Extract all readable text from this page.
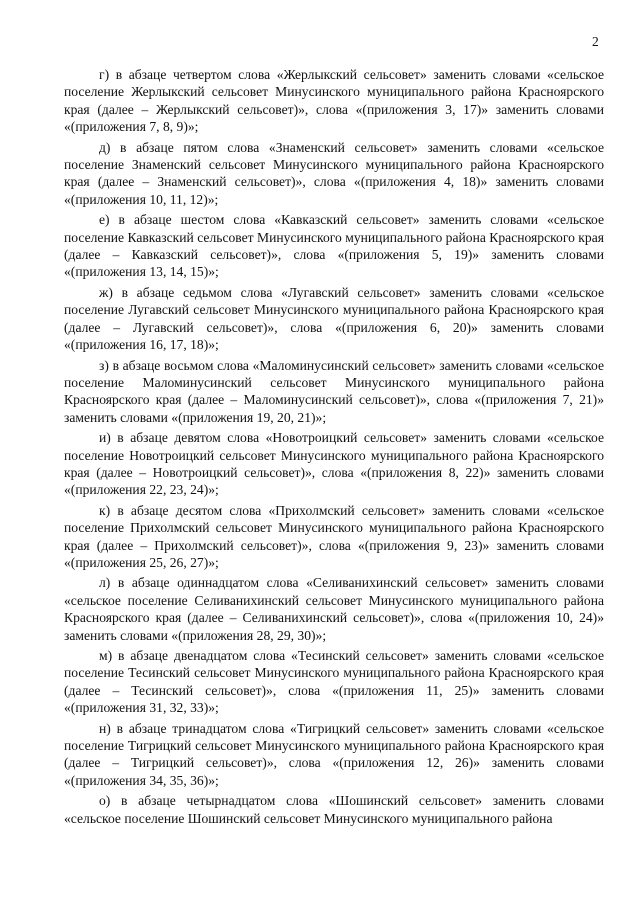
2

г) в абзаце четвертом слова «Жерлыкский сельсовет» заменить словами «сельское поселение Жерлыкский сельсовет Минусинского муниципального района Красноярского края (далее – Жерлыкский сельсовет)», слова «(приложения 3, 17)» заменить словами «(приложения 7, 8, 9)»;

д) в абзаце пятом слова «Знаменский сельсовет» заменить словами «сельское поселение Знаменский сельсовет Минусинского муниципального района Красноярского края (далее – Знаменский сельсовет)», слова «(приложения 4, 18)» заменить словами «(приложения 10, 11, 12)»;

е) в абзаце шестом слова «Кавказский сельсовет» заменить словами «сельское поселение Кавказский сельсовет Минусинского муниципального района Красноярского края (далее – Кавказский сельсовет)», слова «(приложения 5, 19)» заменить словами «(приложения 13, 14, 15)»;

ж) в абзаце седьмом слова «Лугавский сельсовет» заменить словами «сельское поселение Лугавский сельсовет Минусинского муниципального района Красноярского края (далее – Лугавский сельсовет)», слова «(приложения 6, 20)» заменить словами «(приложения 16, 17, 18)»;

з) в абзаце восьмом слова «Маломинусинский сельсовет» заменить словами «сельское поселение Маломинусинский сельсовет Минусинского муниципального района Красноярского края (далее – Маломинусинский сельсовет)», слова «(приложения 7, 21)» заменить словами «(приложения 19, 20, 21)»;

и) в абзаце девятом слова «Новотроицкий сельсовет» заменить словами «сельское поселение Новотроицкий сельсовет Минусинского муниципального района Красноярского края (далее – Новотроицкий сельсовет)», слова «(приложения 8, 22)» заменить словами «(приложения 22, 23, 24)»;

к) в абзаце десятом слова «Прихолмский сельсовет» заменить словами «сельское поселение Прихолмский сельсовет Минусинского муниципального района Красноярского края (далее – Прихолмский сельсовет)», слова «(приложения 9, 23)» заменить словами «(приложения 25, 26, 27)»;

л) в абзаце одиннадцатом слова «Селиванихинский сельсовет» заменить словами «сельское поселение Селиванихинский сельсовет Минусинского муниципального района Красноярского края (далее – Селиванихинский сельсовет)», слова «(приложения 10, 24)» заменить словами «(приложения 28, 29, 30)»;

м) в абзаце двенадцатом слова «Тесинский сельсовет» заменить словами «сельское поселение Тесинский сельсовет Минусинского муниципального района Красноярского края (далее – Тесинский сельсовет)», слова «(приложения 11, 25)» заменить словами «(приложения 31, 32, 33)»;

н) в абзаце тринадцатом слова «Тигрицкий сельсовет» заменить словами «сельское поселение Тигрицкий сельсовет Минусинского муниципального района Красноярского края (далее – Тигрицкий сельсовет)», слова «(приложения 12, 26)» заменить словами «(приложения 34, 35, 36)»;

о) в абзаце четырнадцатом слова «Шошинский сельсовет» заменить словами «сельское поселение Шошинский сельсовет Минусинского муниципального района
